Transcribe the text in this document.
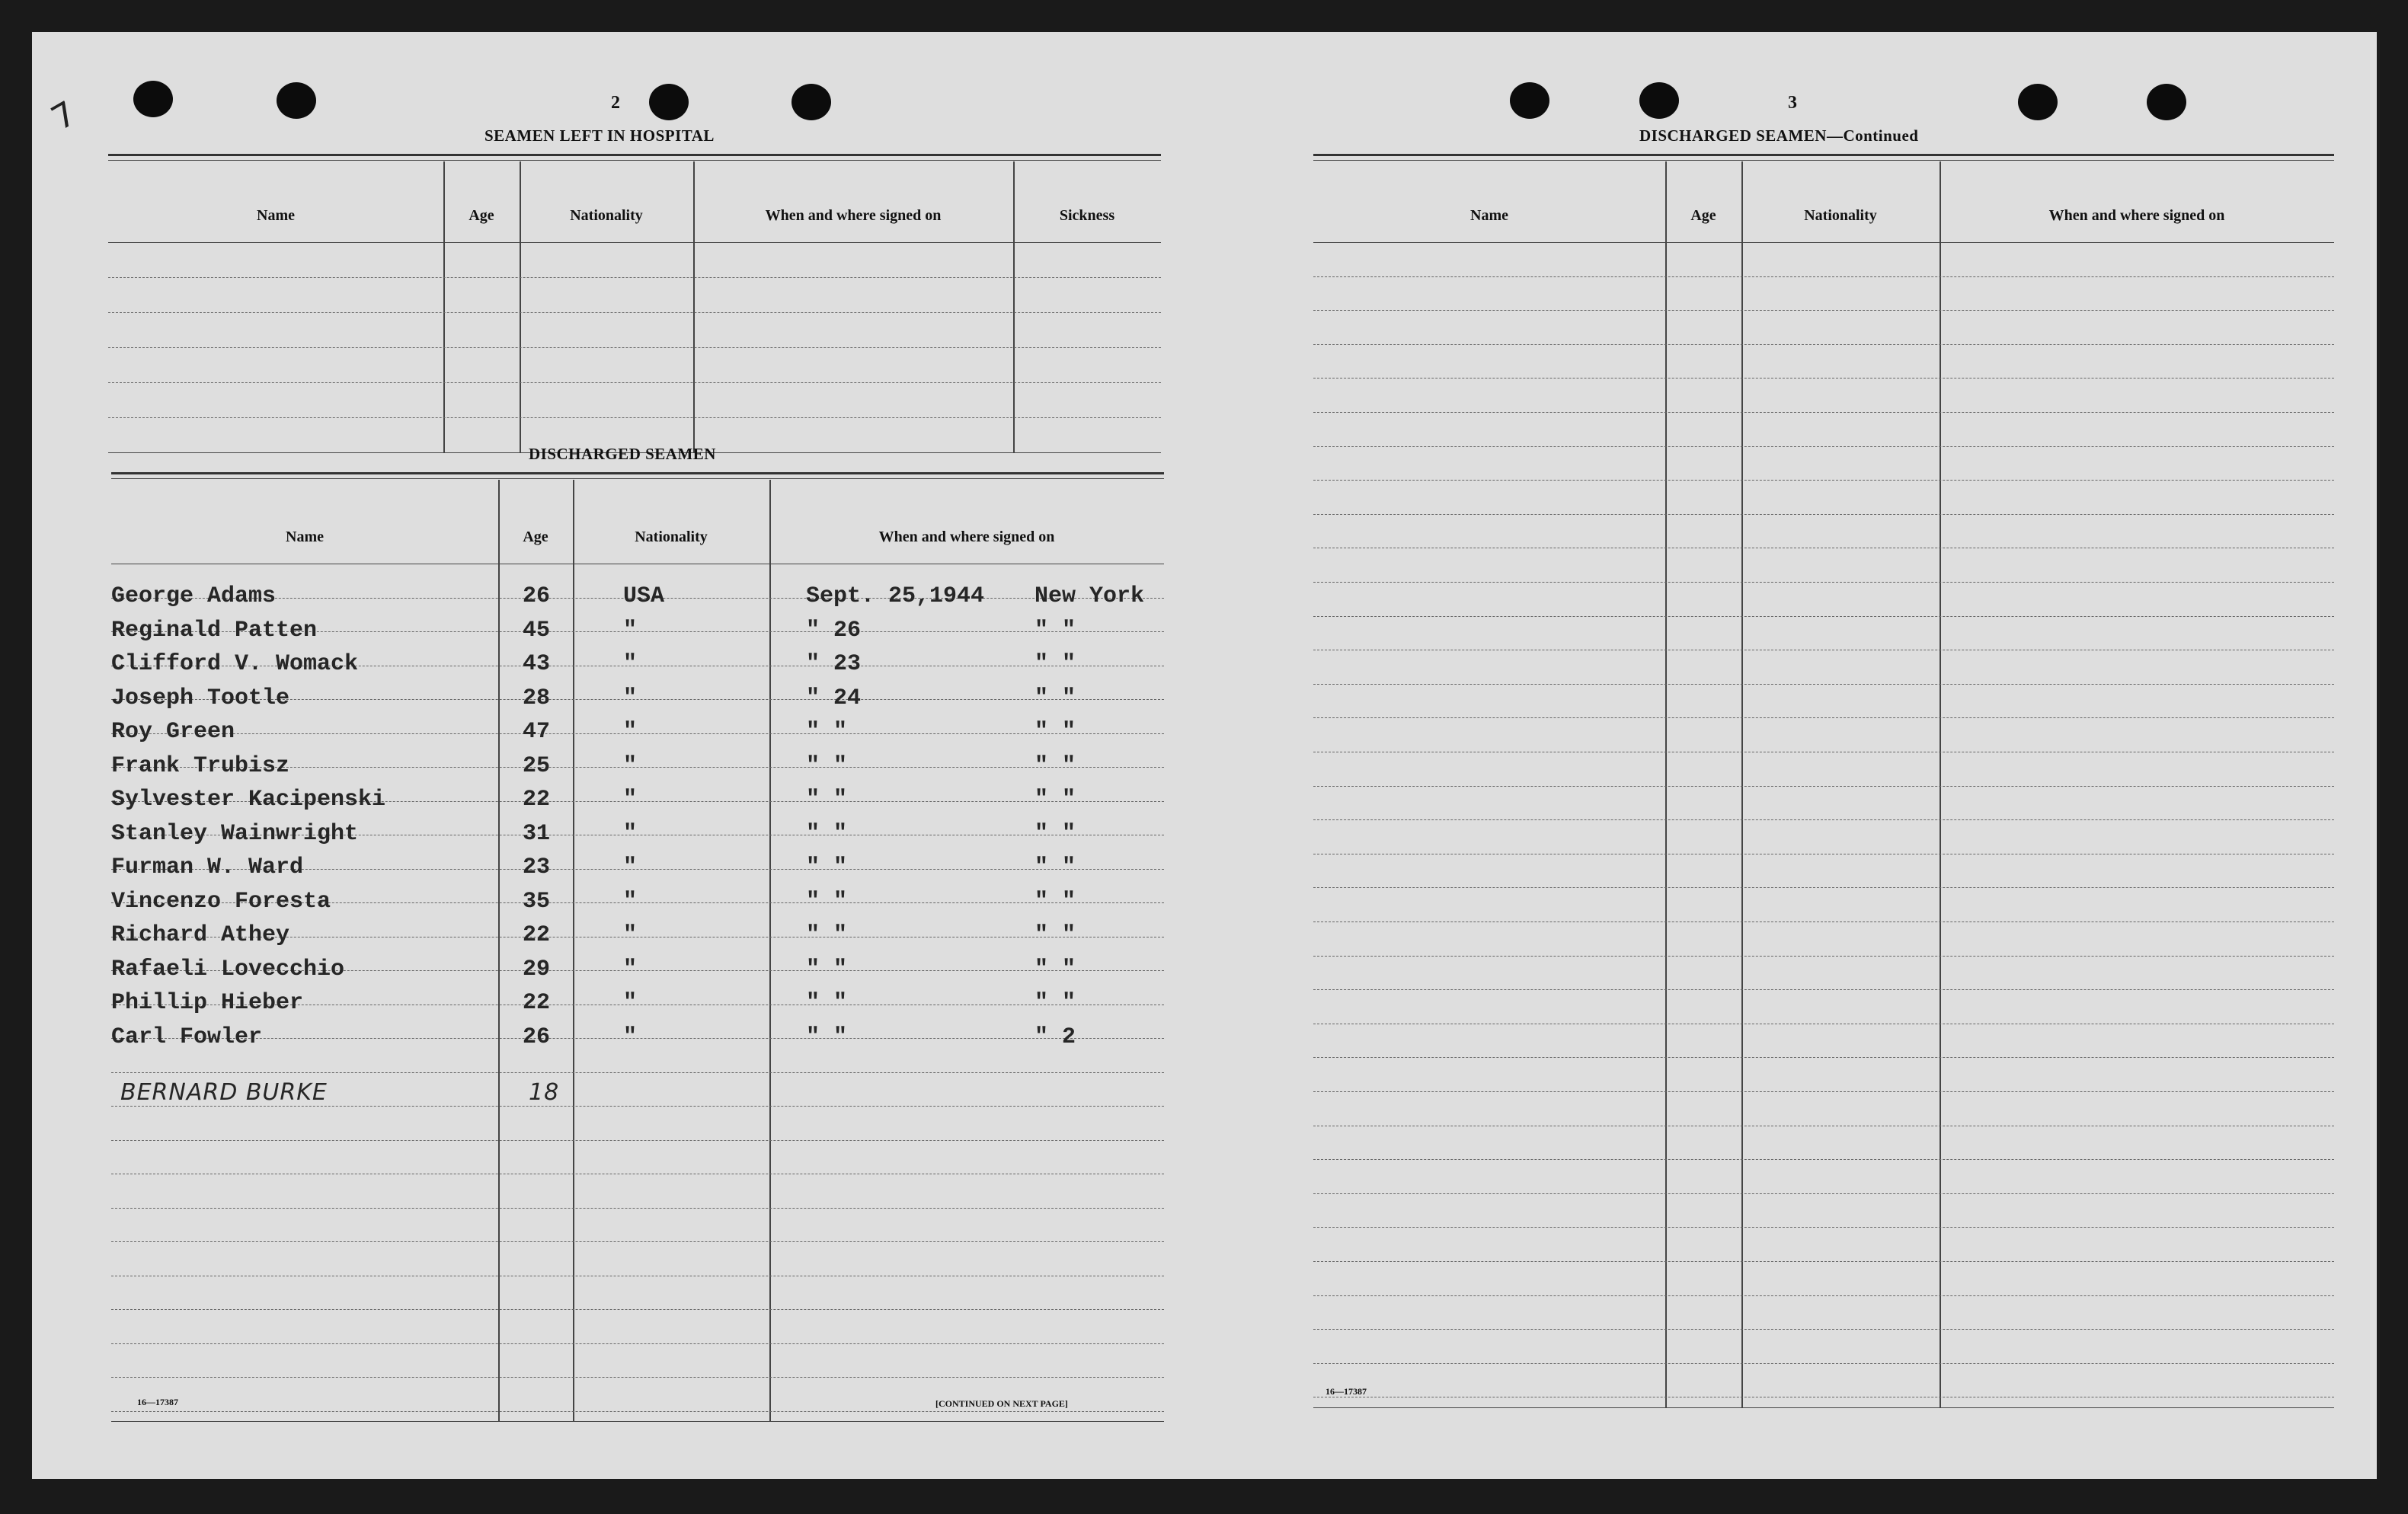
7	2
SEAMEN LEFT IN HOSPITAL
Name	Age	Nationality	When and where signed on	Sickness
DISCHARGED SEAMEN
Name	Age	Nationality	When and where signed on
George Adams	26	USA	Sept. 25,1944 New York
Reginald Patten	45	"	" 26	" "
Clifford V. Womack	43	"	" 23	" "
Joseph Tootle	28	"	" 24	" "
Roy Green	47	"	" "	" "
Frank Trubisz	25	"	" "	" "
Sylvester Kacipenski	22	"	" "	" "
Stanley Wainwright	31	"	" "	" "
Furman W. Ward	23	"	" "	" "
Vincenzo Foresta	35	"	" "	" "
Richard Athey	22	"	" "	" "
Rafaeli Lovecchio	29	"	" "	" "
Phillip Hieber	22	"	" "	" "
Carl Fowler	26	"	" "	" 2
BERNARD BURKE	18
16—17387	[CONTINUED ON NEXT PAGE]
3
DISCHARGED SEAMEN—Continued
Name	Age	Nationality	When and where signed on
16—17387
